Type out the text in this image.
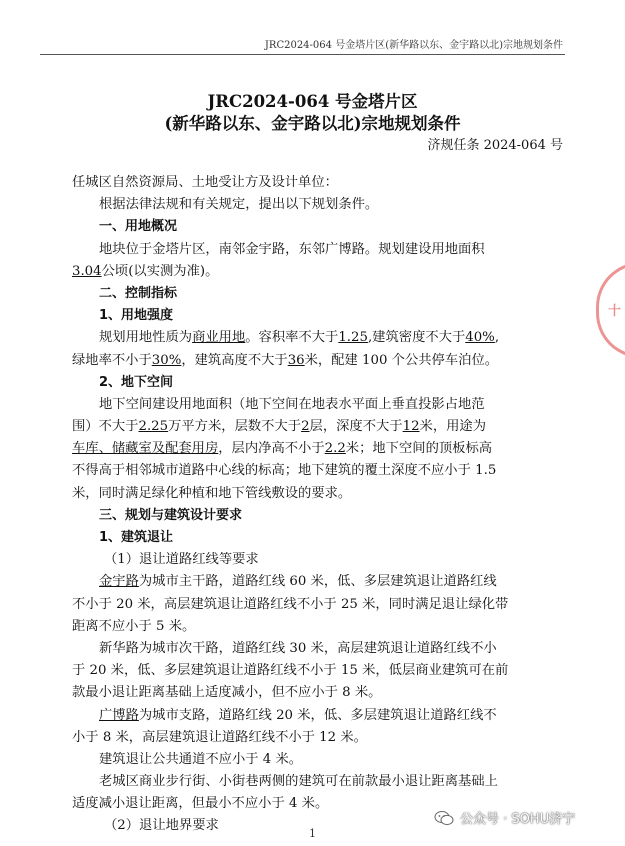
JRC2024-064 号金塔片区(新华路以东、金宇路以北)宗地规划条件
JRC2024-064 号金塔片区
(新华路以东、金宇路以北)宗地规划条件
济规任条 2024-064 号
任城区自然资源局、土地受让方及设计单位：
根据法律法规和有关规定，提出以下规划条件。
一、用地概况
地块位于金塔片区，南邻金宇路，东邻广博路。规划建设用地面积
3.04公顷(以实测为准)。
二、控制指标
1、用地强度
规划用地性质为商业用地。容积率不大于1.25,建筑密度不大于40%,
绿地率不小于30%，建筑高度不大于36米，配建 100 个公共停车泊位。
2、地下空间
地下空间建设用地面积（地下空间在地表水平面上垂直投影占地范
围）不大于2.25万平方米，层数不大于2层，深度不大于12米，用途为
车库、储藏室及配套用房，层内净高不小于2.2米；地下空间的顶板标高
不得高于相邻城市道路中心线的标高；地下建筑的覆土深度不应小于 1.5
米，同时满足绿化种植和地下管线敷设的要求。
三、规划与建筑设计要求
1、建筑退让
（1）退让道路红线等要求
金宇路为城市主干路，道路红线 60 米，低、多层建筑退让道路红线
不小于 20 米，高层建筑退让道路红线不小于 25 米，同时满足退让绿化带
距离不应小于 5 米。
新华路为城市次干路，道路红线 30 米，高层建筑退让道路红线不小
于 20 米，低、多层建筑退让道路红线不小于 15 米，低层商业建筑可在前
款最小退让距离基础上适度减小，但不应小于 8 米。
广博路为城市支路，道路红线 20 米，低、多层建筑退让道路红线不
小于 8 米，高层建筑退让道路红线不小于 12 米。
建筑退让公共通道不应小于 4 米。
老城区商业步行街、小街巷两侧的建筑可在前款最小退让距离基础上
适度减小退让距离，但最小不应小于 4 米。
（2）退让地界要求
十
1
公众号 · SOHU济宁
